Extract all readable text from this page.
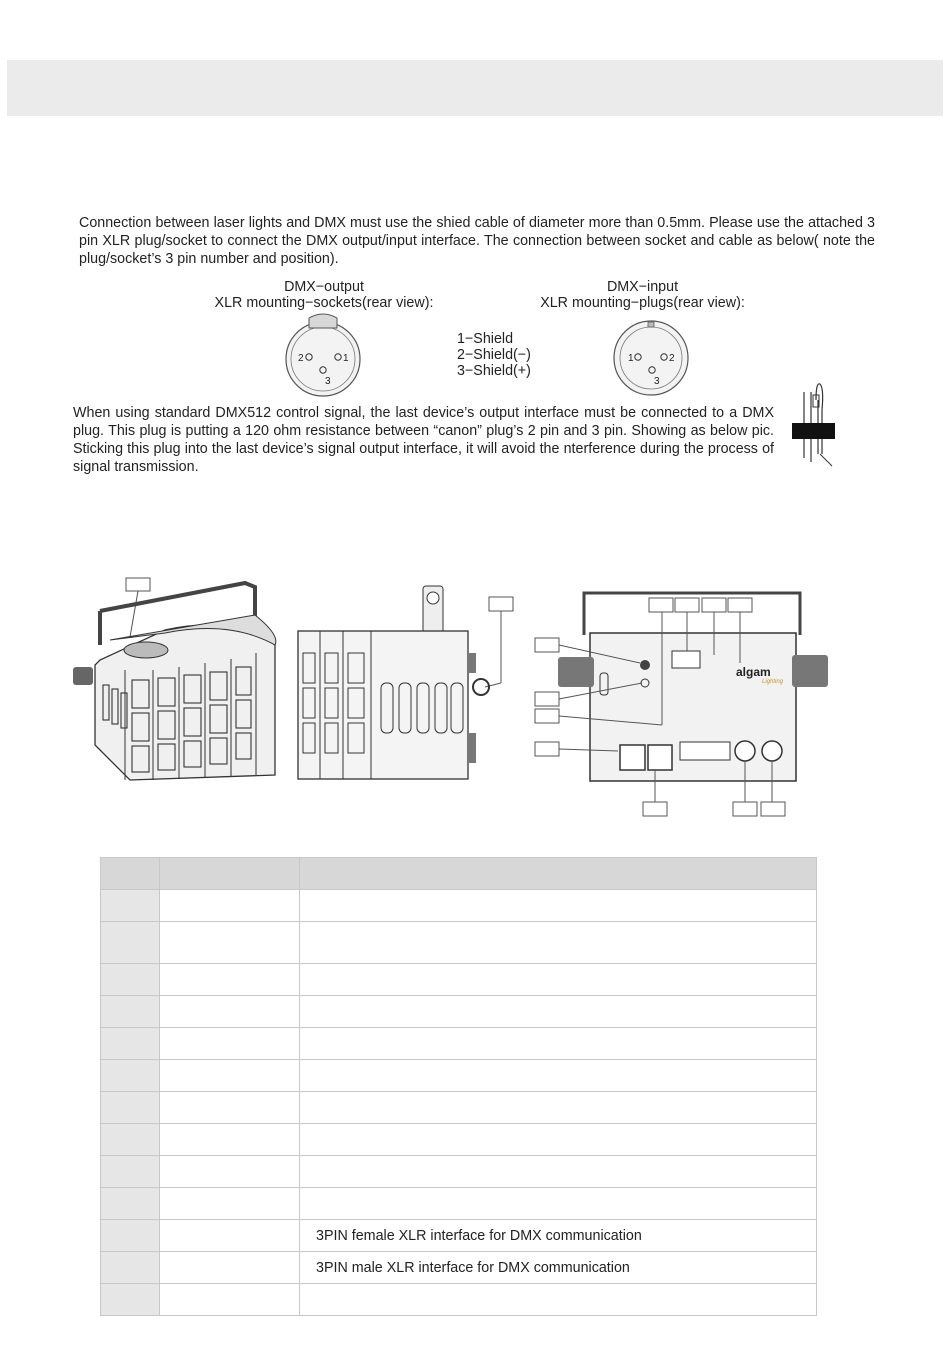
Connection between laser lights and DMX must use the shied cable of diameter more than 0.5mm. Please use the attached 3 pin XLR plug/socket to connect the DMX output/input interface. The connection between socket and cable as below( note the plug/socket’s 3 pin number and position).

DMX−output
XLR mounting−sockets(rear view):
DMX−input
XLR mounting−plugs(rear view):
2	1
3
1−Shield
2−Shield(−)
3−Shield(+)
1	2
3

When using standard DMX512 control signal, the last device’s output interface must be connected to a DMX plug. This plug is putting a 120 ohm resistance between “canon” plug’s 2 pin and 3 pin. Showing as below pic. Sticking this plug into the last device’s signal output interface, it will avoid the nterference during the process of signal transmission.

algam
Lighting

		3PIN female XLR interface for DMX communication
		3PIN male XLR interface for DMX communication
